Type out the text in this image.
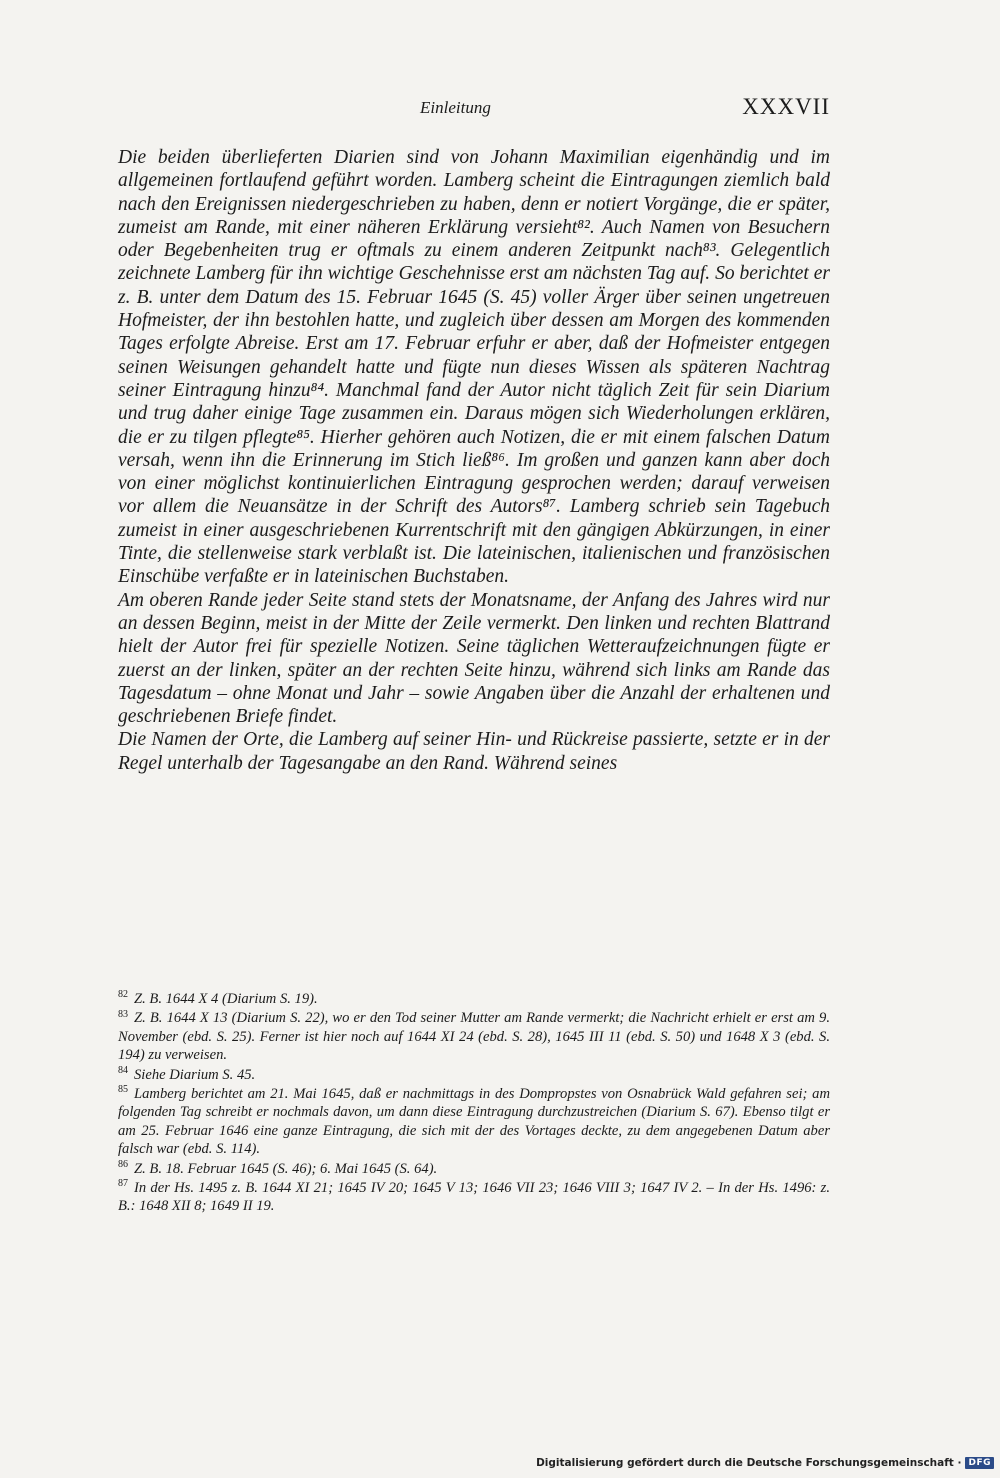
Einleitung	XXXVII

Die beiden überlieferten Diarien sind von Johann Maximilian eigenhändig und im allgemeinen fortlaufend geführt worden. Lamberg scheint die Eintragungen ziemlich bald nach den Ereignissen niedergeschrieben zu haben, denn er notiert Vorgänge, die er später, zumeist am Rande, mit einer näheren Erklärung versieht⁸². Auch Namen von Besuchern oder Begebenheiten trug er oftmals zu einem anderen Zeitpunkt nach⁸³. Gelegentlich zeichnete Lamberg für ihn wichtige Geschehnisse erst am nächsten Tag auf. So berichtet er z. B. unter dem Datum des 15. Februar 1645 (S. 45) voller Ärger über seinen ungetreuen Hofmeister, der ihn bestohlen hatte, und zugleich über dessen am Morgen des kommenden Tages erfolgte Abreise. Erst am 17. Februar erfuhr er aber, daß der Hofmeister entgegen seinen Weisungen gehandelt hatte und fügte nun dieses Wissen als späteren Nachtrag seiner Eintragung hinzu⁸⁴. Manchmal fand der Autor nicht täglich Zeit für sein Diarium und trug daher einige Tage zusammen ein. Daraus mögen sich Wiederholungen erklären, die er zu tilgen pflegte⁸⁵. Hierher gehören auch Notizen, die er mit einem falschen Datum versah, wenn ihn die Erinnerung im Stich ließ⁸⁶. Im großen und ganzen kann aber doch von einer möglichst kontinuierlichen Eintragung gesprochen werden; darauf verweisen vor allem die Neuansätze in der Schrift des Autors⁸⁷. Lamberg schrieb sein Tagebuch zumeist in einer ausgeschriebenen Kurrentschrift mit den gängigen Abkürzungen, in einer Tinte, die stellenweise stark verblaßt ist. Die lateinischen, italienischen und französischen Einschübe verfaßte er in lateinischen Buchstaben.

Am oberen Rande jeder Seite stand stets der Monatsname, der Anfang des Jahres wird nur an dessen Beginn, meist in der Mitte der Zeile vermerkt. Den linken und rechten Blattrand hielt der Autor frei für spezielle Notizen. Seine täglichen Wetteraufzeichnungen fügte er zuerst an der linken, später an der rechten Seite hinzu, während sich links am Rande das Tagesdatum – ohne Monat und Jahr – sowie Angaben über die Anzahl der erhaltenen und geschriebenen Briefe findet.

Die Namen der Orte, die Lamberg auf seiner Hin- und Rückreise passierte, setzte er in der Regel unterhalb der Tagesangabe an den Rand. Während seines

$^{82}$ Z. B. 1644 X 4 (Diarium S. 19).

$^{83}$ Z. B. 1644 X 13 (Diarium S. 22), wo er den Tod seiner Mutter am Rande vermerkt; die Nachricht erhielt er erst am 9. November (ebd. S. 25). Ferner ist hier noch auf 1644 XI 24 (ebd. S. 28), 1645 III 11 (ebd. S. 50) und 1648 X 3 (ebd. S. 194) zu verweisen.

$^{84}$ Siehe Diarium S. 45.

$^{85}$ Lamberg berichtet am 21. Mai 1645, daß er nachmittags in des Dompropstes von Osnabrück Wald gefahren sei; am folgenden Tag schreibt er nochmals davon, um dann diese Eintragung durchzustreichen (Diarium S. 67). Ebenso tilgt er am 25. Februar 1646 eine ganze Eintragung, die sich mit der des Vortages deckte, zu dem angegebenen Datum aber falsch war (ebd. S. 114).

$^{86}$ Z. B. 18. Februar 1645 (S. 46); 6. Mai 1645 (S. 64).

$^{87}$ In der Hs. 1495 z. B. 1644 XI 21; 1645 IV 20; 1645 V 13; 1646 VII 23; 1646 VIII 3; 1647 IV 2. – In der Hs. 1496: z. B.: 1648 XII 8; 1649 II 19.

Digitalisierung gefördert durch die Deutsche Forschungsgemeinschaft · DFG
